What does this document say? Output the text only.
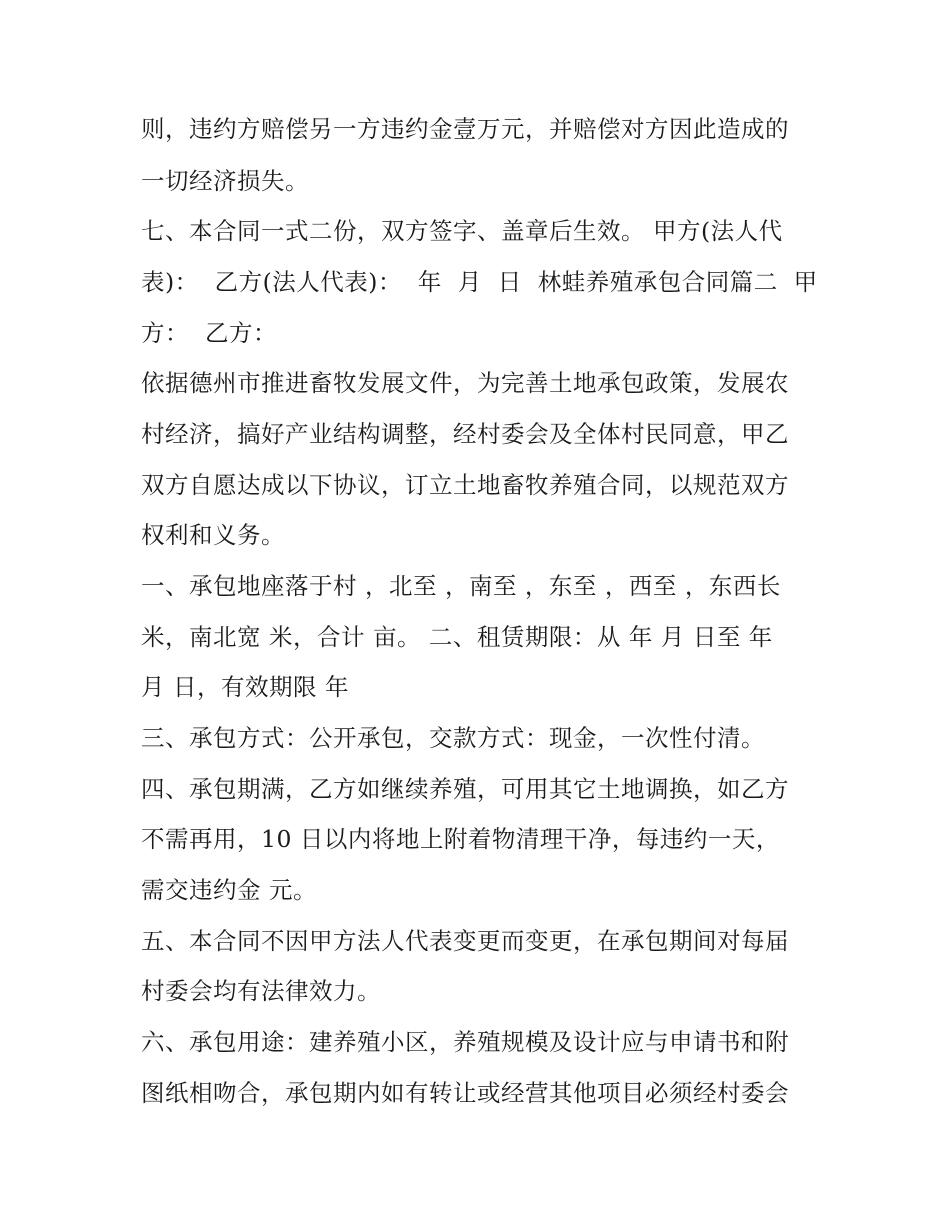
则，违约方赔偿另一方违约金壹万元，并赔偿对方因此造成的
一切经济损失。
七、本合同一式二份，双方签字、盖章后生效。 甲方(法人代
表)：  乙方(法人代表)：  年  月  日  林蛙养殖承包合同篇二  甲
方：  乙方：
依据德州市推进畜牧发展文件，为完善土地承包政策，发展农
村经济，搞好产业结构调整，经村委会及全体村民同意，甲乙
双方自愿达成以下协议，订立土地畜牧养殖合同，以规范双方
权利和义务。
一、承包地座落于村 ，北至 ，南至 ，东至 ，西至 ，东西长
米，南北宽 米，合计 亩。 二、租赁期限：从 年 月 日至 年
月 日，有效期限 年
三、承包方式：公开承包，交款方式：现金，一次性付清。
四、承包期满，乙方如继续养殖，可用其它土地调换，如乙方
不需再用，10 日以内将地上附着物清理干净，每违约一天，
需交违约金 元。
五、本合同不因甲方法人代表变更而变更，在承包期间对每届
村委会均有法律效力。
六、承包用途：建养殖小区，养殖规模及设计应与申请书和附
图纸相吻合，承包期内如有转让或经营其他项目必须经村委会
